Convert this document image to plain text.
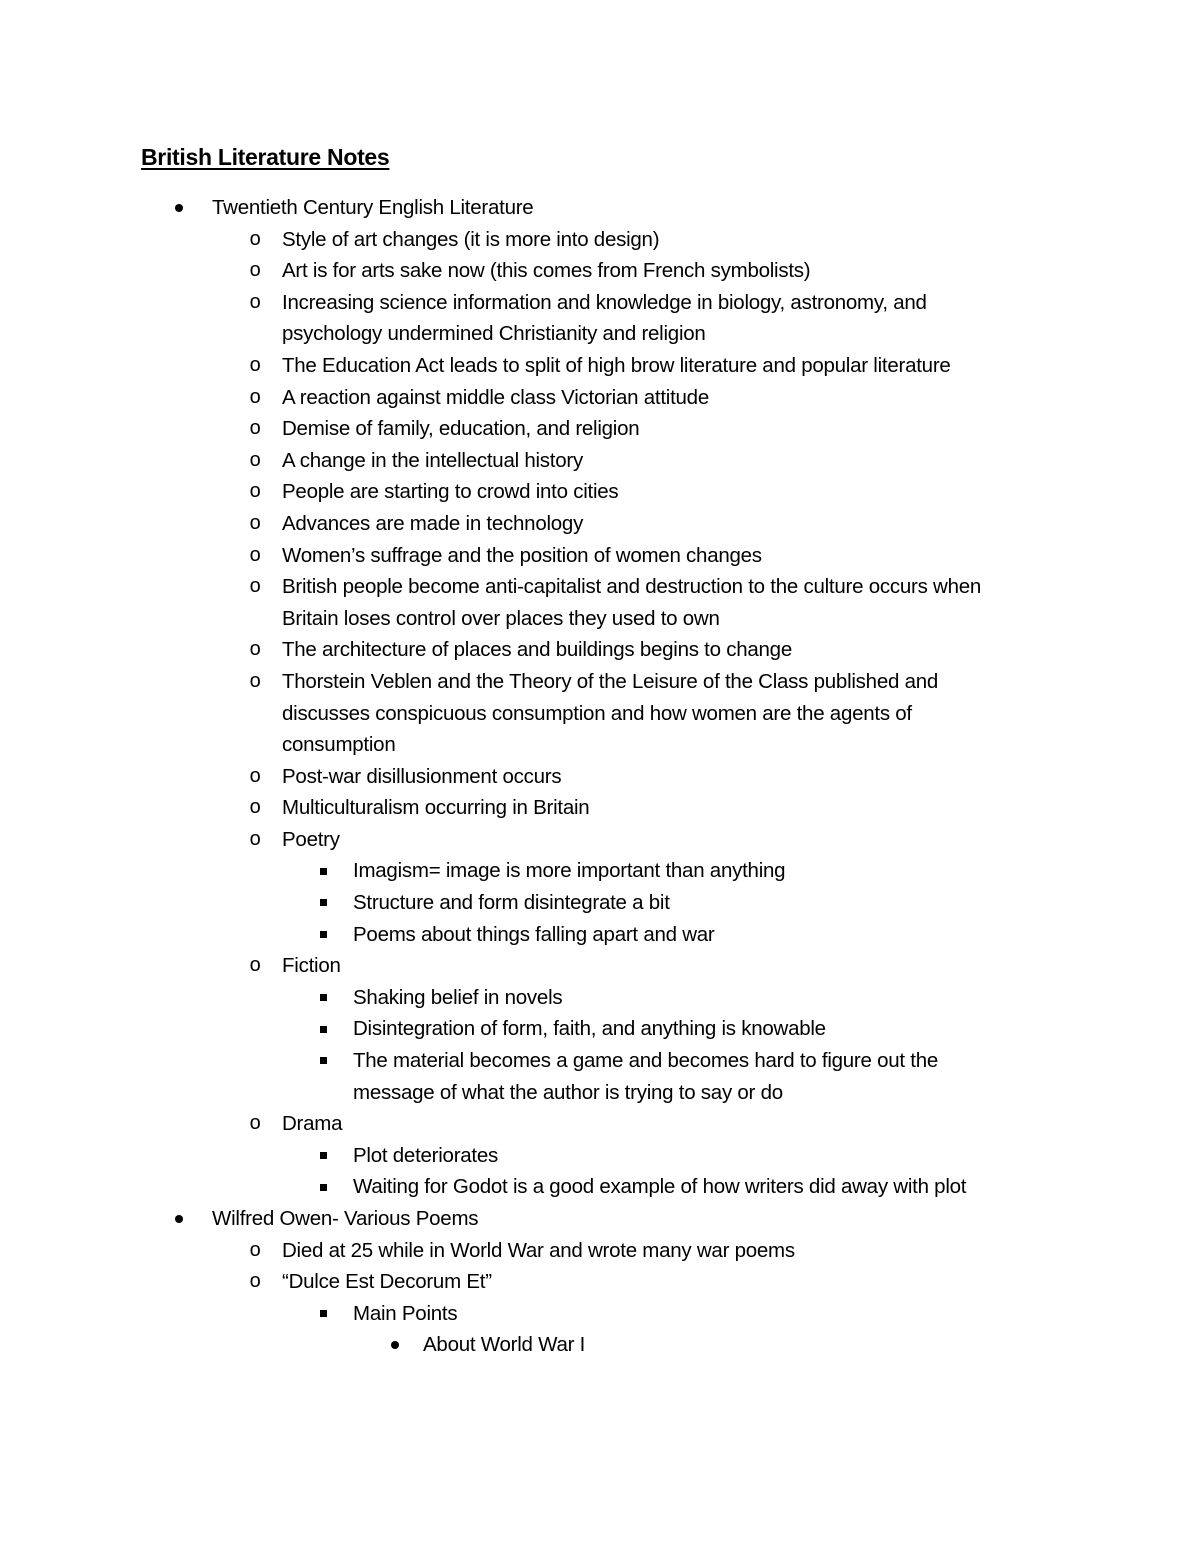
British Literature Notes
Twentieth Century English Literature
o	Style of art changes (it is more into design)
o	Art is for arts sake now (this comes from French symbolists)
o	Increasing science information and knowledge in biology, astronomy, and
psychology undermined Christianity and religion
o	The Education Act leads to split of high brow literature and popular literature
o	A reaction against middle class Victorian attitude
o	Demise of family, education, and religion
o	A change in the intellectual history
o	People are starting to crowd into cities
o	Advances are made in technology
o	Women’s suffrage and the position of women changes
o	British people become anti-capitalist and destruction to the culture occurs when
Britain loses control over places they used to own
o	The architecture of places and buildings begins to change
o	Thorstein Veblen and the Theory of the Leisure of the Class published and
discusses conspicuous consumption and how women are the agents of
consumption
o	Post-war disillusionment occurs
o	Multiculturalism occurring in Britain
o	Poetry
Imagism= image is more important than anything
Structure and form disintegrate a bit
Poems about things falling apart and war
o	Fiction
Shaking belief in novels
Disintegration of form, faith, and anything is knowable
The material becomes a game and becomes hard to figure out the
message of what the author is trying to say or do
o	Drama
Plot deteriorates
Waiting for Godot is a good example of how writers did away with plot
Wilfred Owen- Various Poems
o	Died at 25 while in World War and wrote many war poems
o	“Dulce Est Decorum Et”
Main Points
About World War I
